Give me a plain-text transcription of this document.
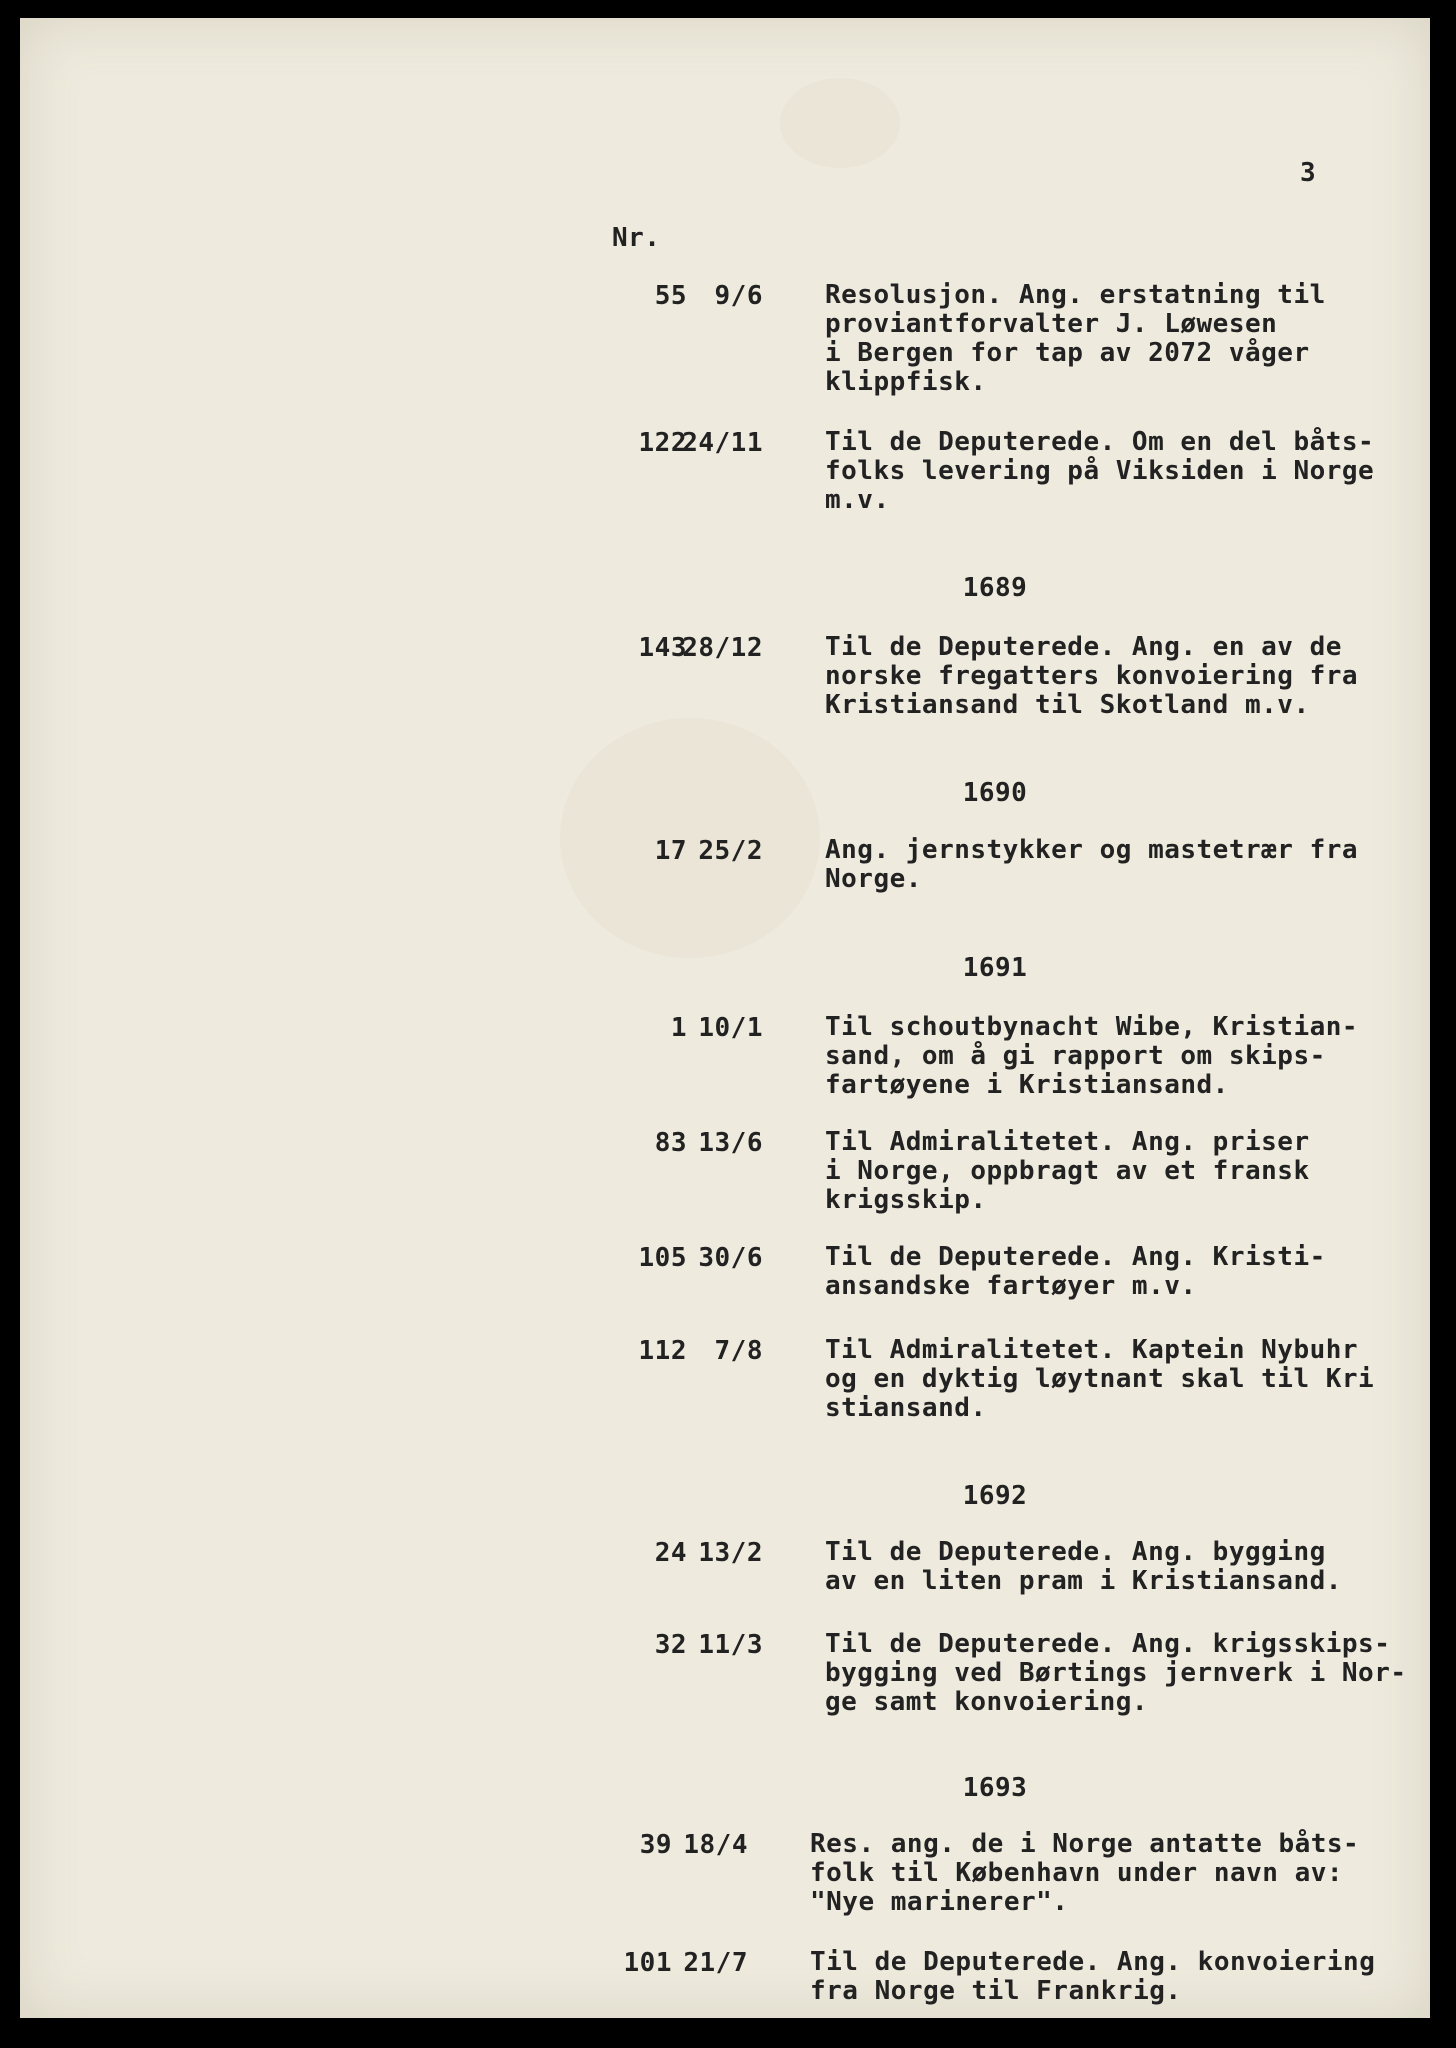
3
Nr.
55	9/6 Resolusjon. Ang. erstatning til
proviantforvalter J. Løwesen
i Bergen for tap av 2072 våger
klippfisk.
122
24/11 Til de Deputerede. Om en del båts-
folks levering på Viksiden i Norge
m.v.
1689
143
28/12 Til de Deputerede. Ang. en av de
norske fregatters konvoiering fra
Kristiansand til Skotland m.v.
1690
17 25/2 Ang. jernstykker og mastetrær fra
Norge.
1691
1 10/1 Til schoutbynacht Wibe, Kristian-
sand, om å gi rapport om skips-
fartøyene i Kristiansand.
83 13/6 Til Admiralitetet. Ang. priser
i Norge, oppbragt av et fransk
krigsskip.
105 30/6 Til de Deputerede. Ang. Kristi-
ansandske fartøyer m.v.
112	7/8 Til Admiralitetet. Kaptein Nybuhr
og en dyktig løytnant skal til Kri
stiansand.
1692
24 13/2 Til de Deputerede. Ang. bygging
av en liten pram i Kristiansand.
32 11/3 Til de Deputerede. Ang. krigsskips-
bygging ved Børtings jernverk i Nor-
ge samt konvoiering.
1693
39 18/4 Res. ang. de i Norge antatte båts-
folk til København under navn av:
"Nye marinerer".
101 21/7 Til de Deputerede. Ang. konvoiering
fra Norge til Frankrig.
